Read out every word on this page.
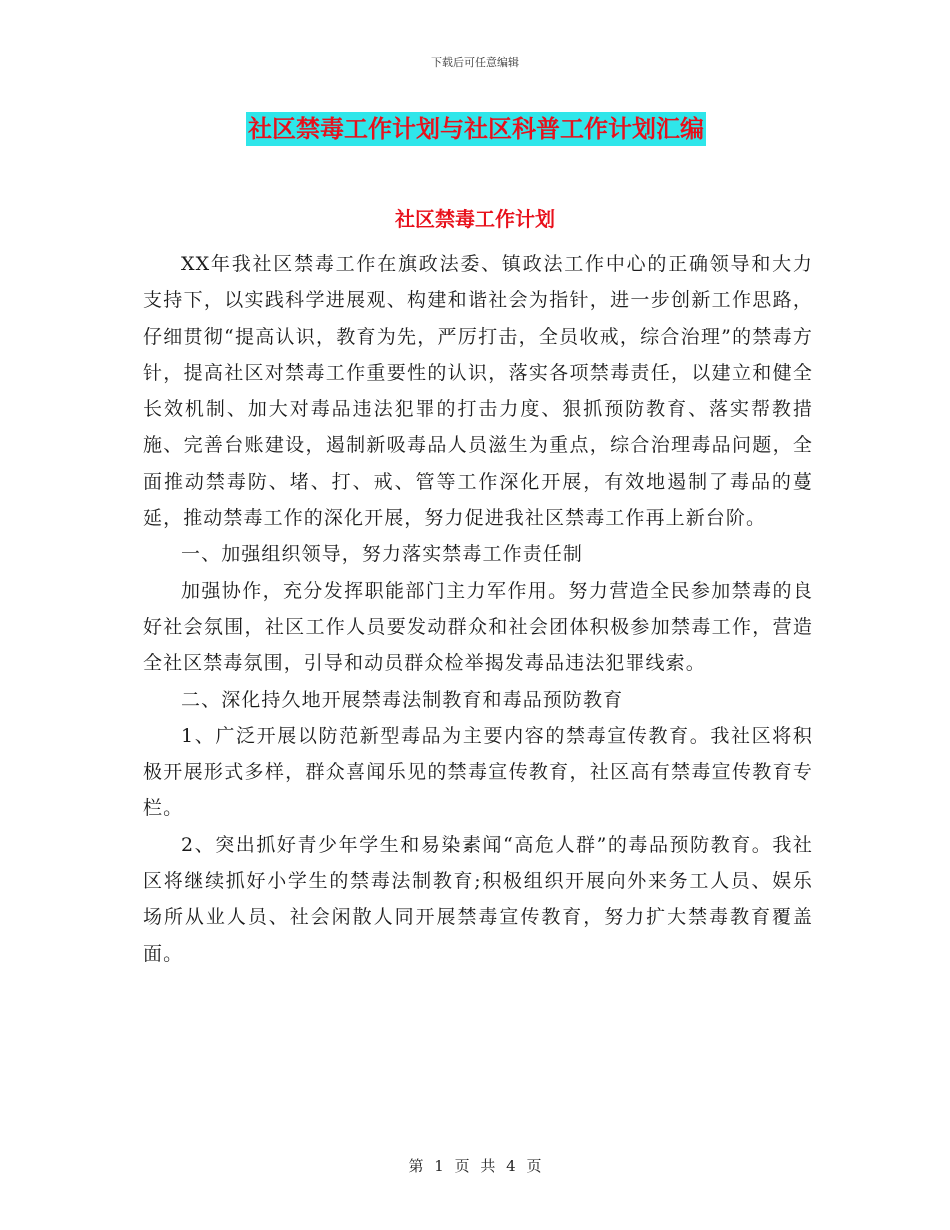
下载后可任意编辑
社区禁毒工作计划与社区科普工作计划汇编
社区禁毒工作计划

XX年我社区禁毒工作在旗政法委、镇政法工作中心的正确领导和大力支持下，以实践科学进展观、构建和谐社会为指针，进一步创新工作思路，仔细贯彻“提高认识，教育为先，严厉打击，全员收戒，综合治理”的禁毒方针，提高社区对禁毒工作重要性的认识，落实各项禁毒责任，以建立和健全长效机制、加大对毒品违法犯罪的打击力度、狠抓预防教育、落实帮教措施、完善台账建设，遏制新吸毒品人员滋生为重点，综合治理毒品问题，全面推动禁毒防、堵、打、戒、管等工作深化开展，有效地遏制了毒品的蔓延，推动禁毒工作的深化开展，努力促进我社区禁毒工作再上新台阶。

一、加强组织领导，努力落实禁毒工作责任制

加强协作，充分发挥职能部门主力军作用。努力营造全民参加禁毒的良好社会氛围，社区工作人员要发动群众和社会团体积极参加禁毒工作，营造全社区禁毒氛围，引导和动员群众检举揭发毒品违法犯罪线索。

二、深化持久地开展禁毒法制教育和毒品预防教育

1、广泛开展以防范新型毒品为主要内容的禁毒宣传教育。我社区将积极开展形式多样，群众喜闻乐见的禁毒宣传教育，社区高有禁毒宣传教育专栏。

2、突出抓好青少年学生和易染素闻“高危人群”的毒品预防教育。我社区将继续抓好小学生的禁毒法制教育;积极组织开展向外来务工人员、娱乐场所从业人员、社会闲散人同开展禁毒宣传教育，努力扩大禁毒教育覆盖面。

第 1 页 共 4 页
